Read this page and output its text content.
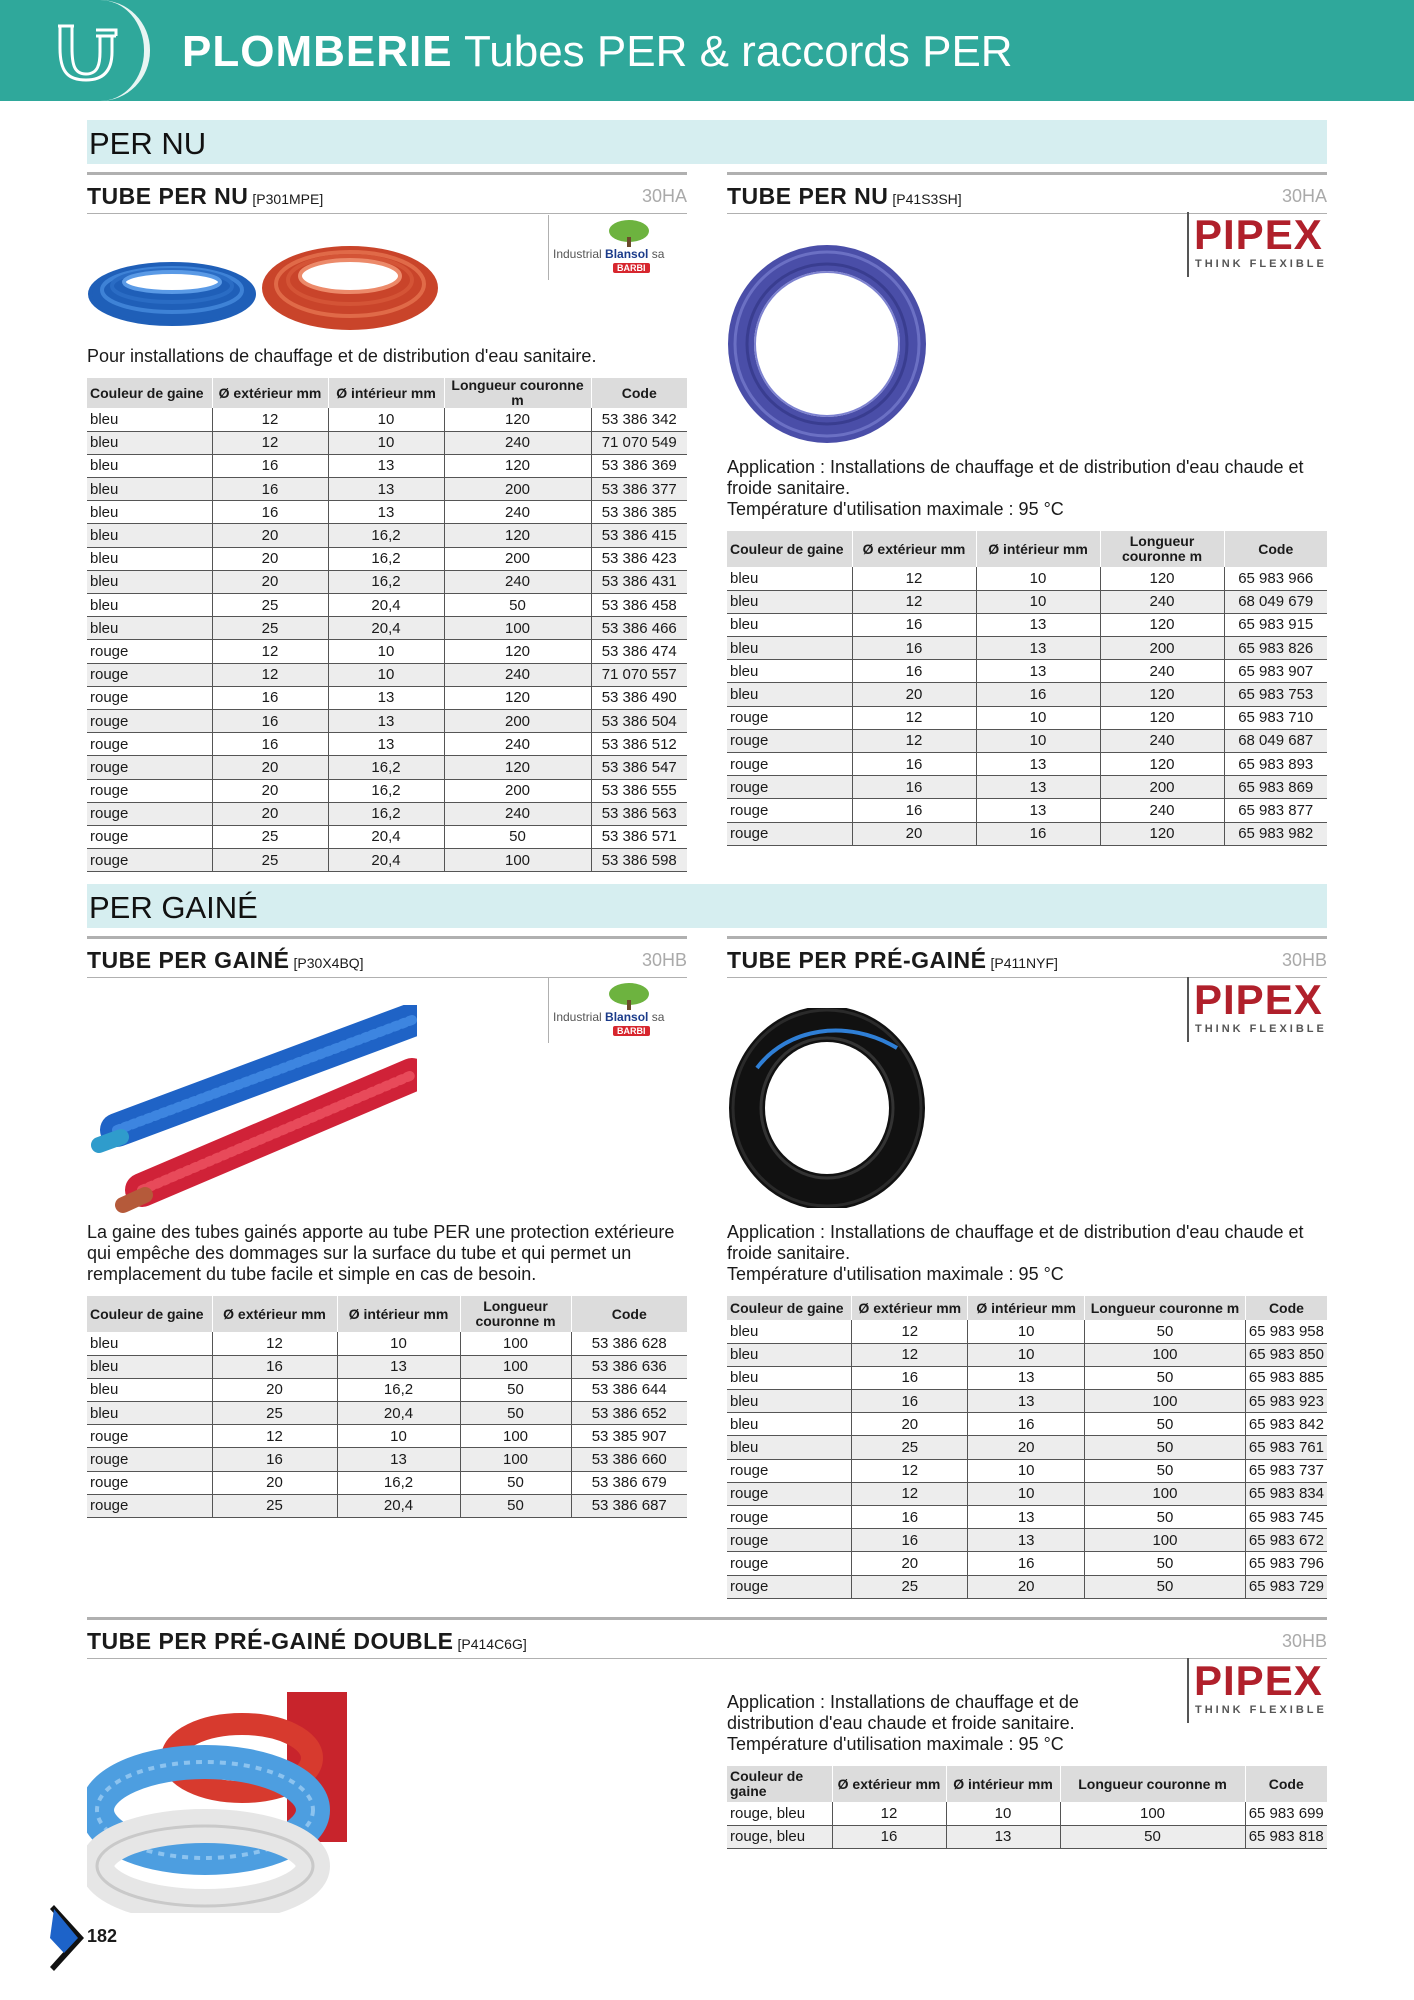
PLOMBERIE Tubes PER & raccords PER
PER NU
TUBE PER NU [P301MPE]	30HA
Industrial Blansol sa
BARBI
Pour installations de chauffage et de distribution d'eau sanitaire.
Couleur de gaine	Ø extérieur mm	Ø intérieur mm	Longueur couronne m	Code
bleu	12	10	120	53 386 342
bleu	12	10	240	71 070 549
bleu	16	13	120	53 386 369
bleu	16	13	200	53 386 377
bleu	16	13	240	53 386 385
bleu	20	16,2	120	53 386 415
bleu	20	16,2	200	53 386 423
bleu	20	16,2	240	53 386 431
bleu	25	20,4	50	53 386 458
bleu	25	20,4	100	53 386 466
rouge	12	10	120	53 386 474
rouge	12	10	240	71 070 557
rouge	16	13	120	53 386 490
rouge	16	13	200	53 386 504
rouge	16	13	240	53 386 512
rouge	20	16,2	120	53 386 547
rouge	20	16,2	200	53 386 555
rouge	20	16,2	240	53 386 563
rouge	25	20,4	50	53 386 571
rouge	25	20,4	100	53 386 598
TUBE PER NU [P41S3SH]	30HA
PIPEX
THINK FLEXIBLE
Application : Installations de chauffage et de distribution d'eau chaude et froide sanitaire.
Température d'utilisation maximale : 95 °C
Couleur de gaine	Ø extérieur mm	Ø intérieur mm	Longueur couronne m	Code
bleu	12	10	120	65 983 966
bleu	12	10	240	68 049 679
bleu	16	13	120	65 983 915
bleu	16	13	200	65 983 826
bleu	16	13	240	65 983 907
bleu	20	16	120	65 983 753
rouge	12	10	120	65 983 710
rouge	12	10	240	68 049 687
rouge	16	13	120	65 983 893
rouge	16	13	200	65 983 869
rouge	16	13	240	65 983 877
rouge	20	16	120	65 983 982
PER GAINÉ
TUBE PER GAINÉ [P30X4BQ]	30HB
Industrial Blansol sa
BARBI
La gaine des tubes gainés apporte au tube PER une protection extérieure qui empêche des dommages sur la surface du tube et qui permet un remplacement du tube facile et simple en cas de besoin.
Couleur de gaine	Ø extérieur mm	Ø intérieur mm	Longueur couronne m	Code
bleu	12	10	100	53 386 628
bleu	16	13	100	53 386 636
bleu	20	16,2	50	53 386 644
bleu	25	20,4	50	53 386 652
rouge	12	10	100	53 385 907
rouge	16	13	100	53 386 660
rouge	20	16,2	50	53 386 679
rouge	25	20,4	50	53 386 687
TUBE PER PRÉ-GAINÉ [P411NYF]	30HB
PIPEX
THINK FLEXIBLE
Application : Installations de chauffage et de distribution d'eau chaude et froide sanitaire.
Température d'utilisation maximale : 95 °C
Couleur de gaine	Ø extérieur mm	Ø intérieur mm	Longueur couronne m	Code
bleu	12	10	50	65 983 958
bleu	12	10	100	65 983 850
bleu	16	13	50	65 983 885
bleu	16	13	100	65 983 923
bleu	20	16	50	65 983 842
bleu	25	20	50	65 983 761
rouge	12	10	50	65 983 737
rouge	12	10	100	65 983 834
rouge	16	13	50	65 983 745
rouge	16	13	100	65 983 672
rouge	20	16	50	65 983 796
rouge	25	20	50	65 983 729
TUBE PER PRÉ-GAINÉ DOUBLE [P414C6G]	30HB
PIPEX
THINK FLEXIBLE
Application : Installations de chauffage et de distribution d'eau chaude et froide sanitaire.
Température d'utilisation maximale : 95 °C
Couleur de gaine	Ø extérieur mm	Ø intérieur mm	Longueur couronne m	Code
rouge, bleu	12	10	100	65 983 699
rouge, bleu	16	13	50	65 983 818
182
